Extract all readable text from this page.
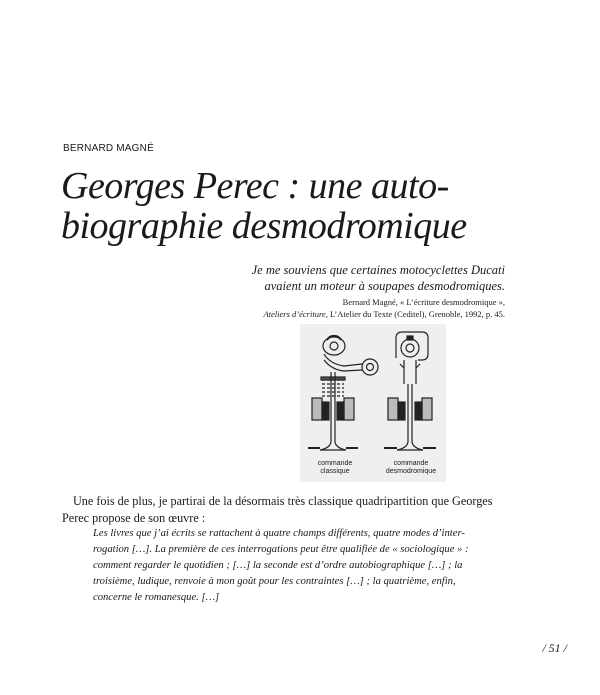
BERNARD MAGNÉ
Georges Perec : une auto-
biographie desmodromique
Je me souviens que certaines motocyclettes Ducati
avaient un moteur à soupapes desmodromiques.
Bernard Magné, « L’écriture desmodromique »,
Ateliers d’écriture, L’Atelier du Texte (Ceditel), Grenoble, 1992, p. 45.
commande
classique
commande
desmodromique
Une fois de plus, je partirai de la désormais très classique quadripartition que Georges
Perec propose de son œuvre :
Les livres que j’ai écrits se rattachent à quatre champs différents, quatre modes d’inter-
rogation […]. La première de ces interrogations peut être qualifiée de « sociologique » :
comment regarder le quotidien ; […] la seconde est d’ordre autobiographique […] ; la
troisième, ludique, renvoie à mon goût pour les contraintes […] ; la quatrième, enfin,
concerne le romanesque. […]
/ 51 /
